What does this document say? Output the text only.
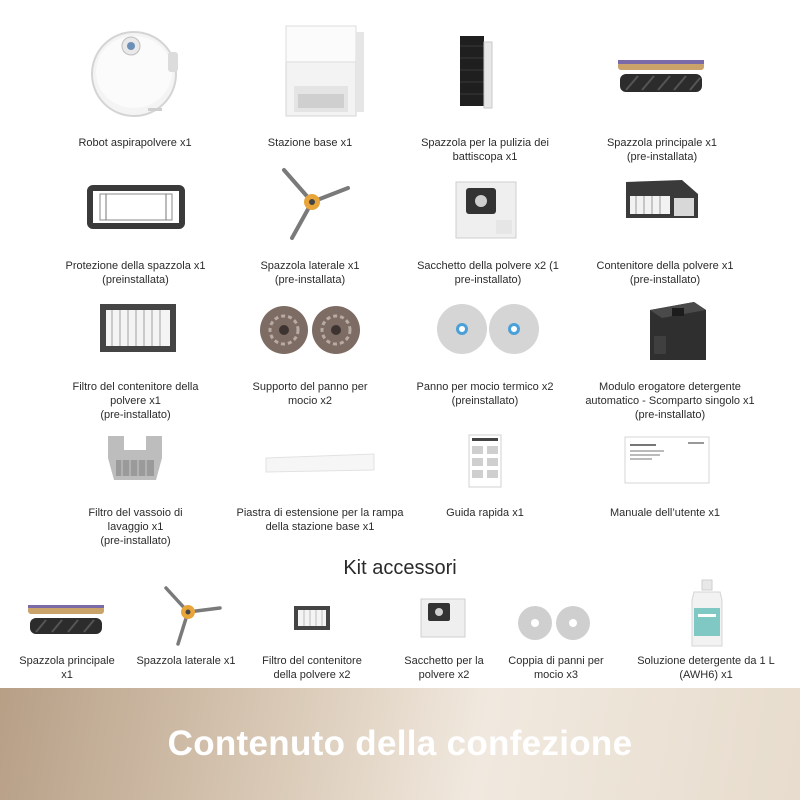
Robot aspirapolvere x1	Stazione base x1	Spazzola per la pulizia dei
battiscopa x1
Spazzola principale x1
(pre-installata)
Protezione della spazzola x1
(preinstallata)
Spazzola laterale x1
(pre-installata)
Sacchetto della polvere x2 (1
pre-installato)
Contenitore della polvere x1
(pre-installato)
Filtro del contenitore della
polvere x1
(pre-installato)
Supporto del panno per
mocio x2
Panno per mocio termico x2
(preinstallato)
Modulo erogatore detergente
automatico - Scomparto singolo x1
(pre-installato)
Filtro del vassoio di
lavaggio x1
(pre-installato)
Piastra di estensione per la rampa
della stazione base x1
Guida rapida x1	Manuale dell’utente x1
Kit accessori
Spazzola principale
x1
Spazzola laterale x1	Filtro del contenitore
della polvere x2
Sacchetto per la
polvere x2
Coppia di panni per
mocio x3
Soluzione detergente da 1 L
(AWH6) x1
Contenuto della confezione
